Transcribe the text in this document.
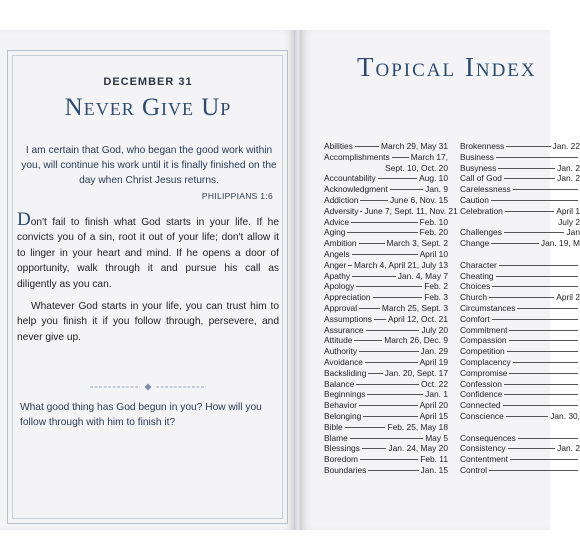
DECEMBER 31
Never Give Up
I am certain that God, who began the good work within you, will continue his work until it is finally finished on the day when Christ Jesus returns.
PHILIPPIANS 1:6
Don't fail to finish what God starts in your life. If he convicts you of a sin, root it out of your life; don't allow it to linger in your heart and mind. If he opens a door of opportunity, walk through it and pursue his call as diligently as you can.
Whatever God starts in your life, you can trust him to help you finish it if you follow through, persevere, and never give up.
What good thing has God begun in you? How will you follow through with him to finish it?
Topical Index
Abilities	March 29, May 31
Accomplishments	March 17,
Sept. 10, Oct. 20
Accountability	Aug. 10
Acknowledgment	Jan. 9
Addiction	June 6, Nov. 15
Adversity June 7, Sept. 11, Nov. 21
Advice	Feb. 10
Aging	Feb. 20
Ambition	March 3, Sept. 2
Angels	April 10
Anger March 4, April 21, July 13
Apathy	Jan. 4, May 7
Apology	Feb. 2
Appreciation	Feb. 3
Approval	March 25, Sept. 3
Assumptions April 12, Oct. 21
Assurance	July 20
Attitude	March 26, Dec. 9
Authority	Jan. 29
Avoidance	April 19
Backsliding Jan. 20, Sept. 17
Balance	Oct. 22
Beginnings	Jan. 1
Behavior	April 20
Belonging	April 15
Bible	Feb. 25, May 18
Blame	May 5
Blessings	Jan. 24, May 20
Boredom	Feb. 11
Boundaries	Jan. 15
Brokenness	Jan. 22
Business
Busyness	Jan. 2
Call of God	Jan. 2
Carelessness
Caution
Celebration	April 1
July 2
Challenges	Jan
Change	Jan. 19, M
Character
Cheating
Choices
Church	April 2
Circumstances
Comfort
Commitment
Compassion
Competition
Complacency
Compromise
Confession
Confidence
Connected
Conscience	Jan. 30,
Consequences
Consistency	Jan. 2
Contentment
Control
